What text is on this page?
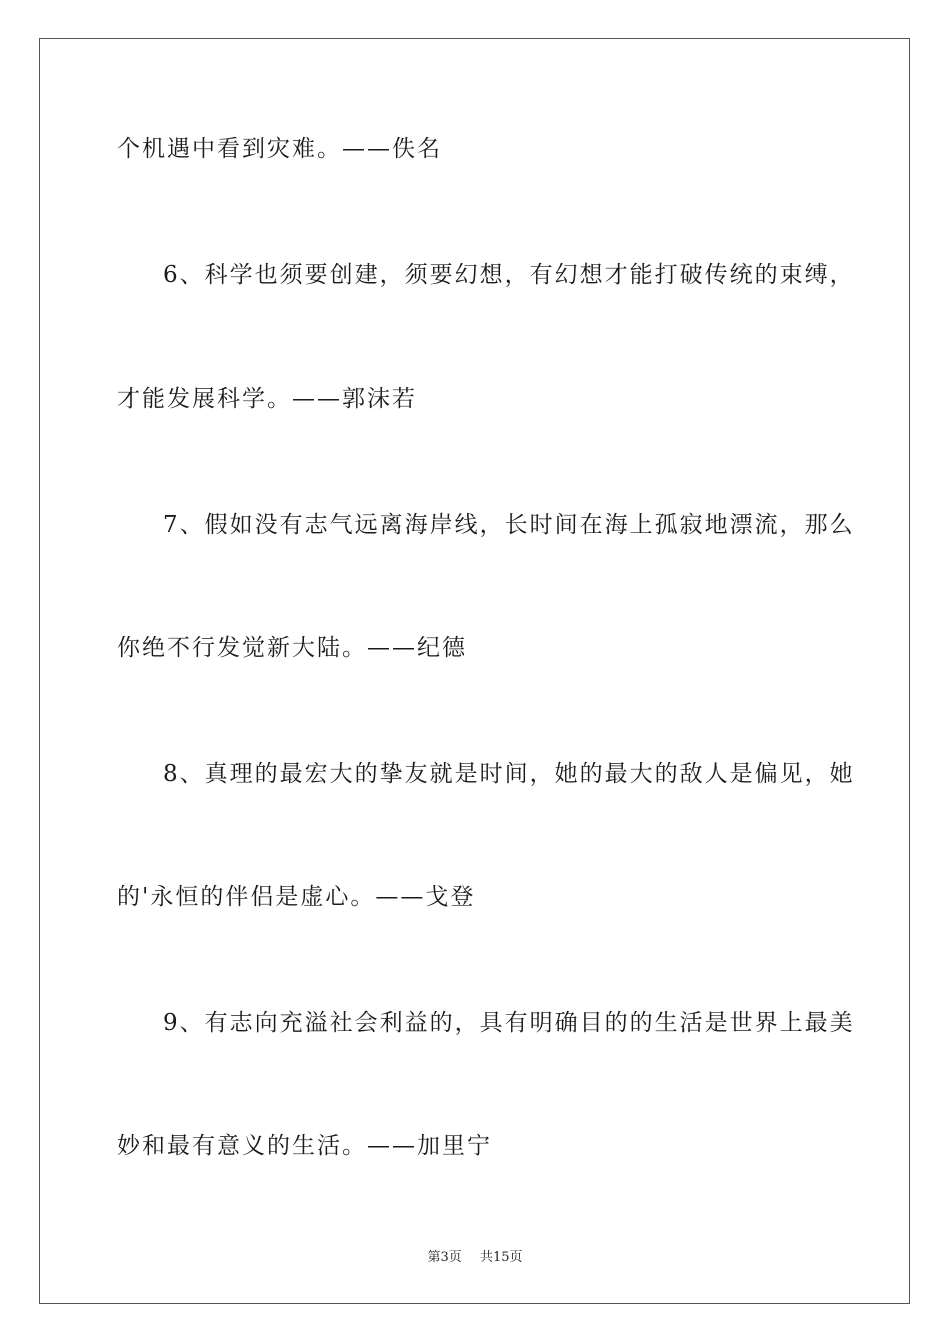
个机遇中看到灾难。——佚名
6、科学也须要创建，须要幻想，有幻想才能打破传统的束缚，
才能发展科学。——郭沫若
7、假如没有志气远离海岸线，长时间在海上孤寂地漂流，那么
你绝不行发觉新大陆。——纪德
8、真理的最宏大的挚友就是时间，她的最大的敌人是偏见，她
的'永恒的伴侣是虚心。——戈登
9、有志向充溢社会利益的，具有明确目的的生活是世界上最美
妙和最有意义的生活。——加里宁
第3页 共15页
